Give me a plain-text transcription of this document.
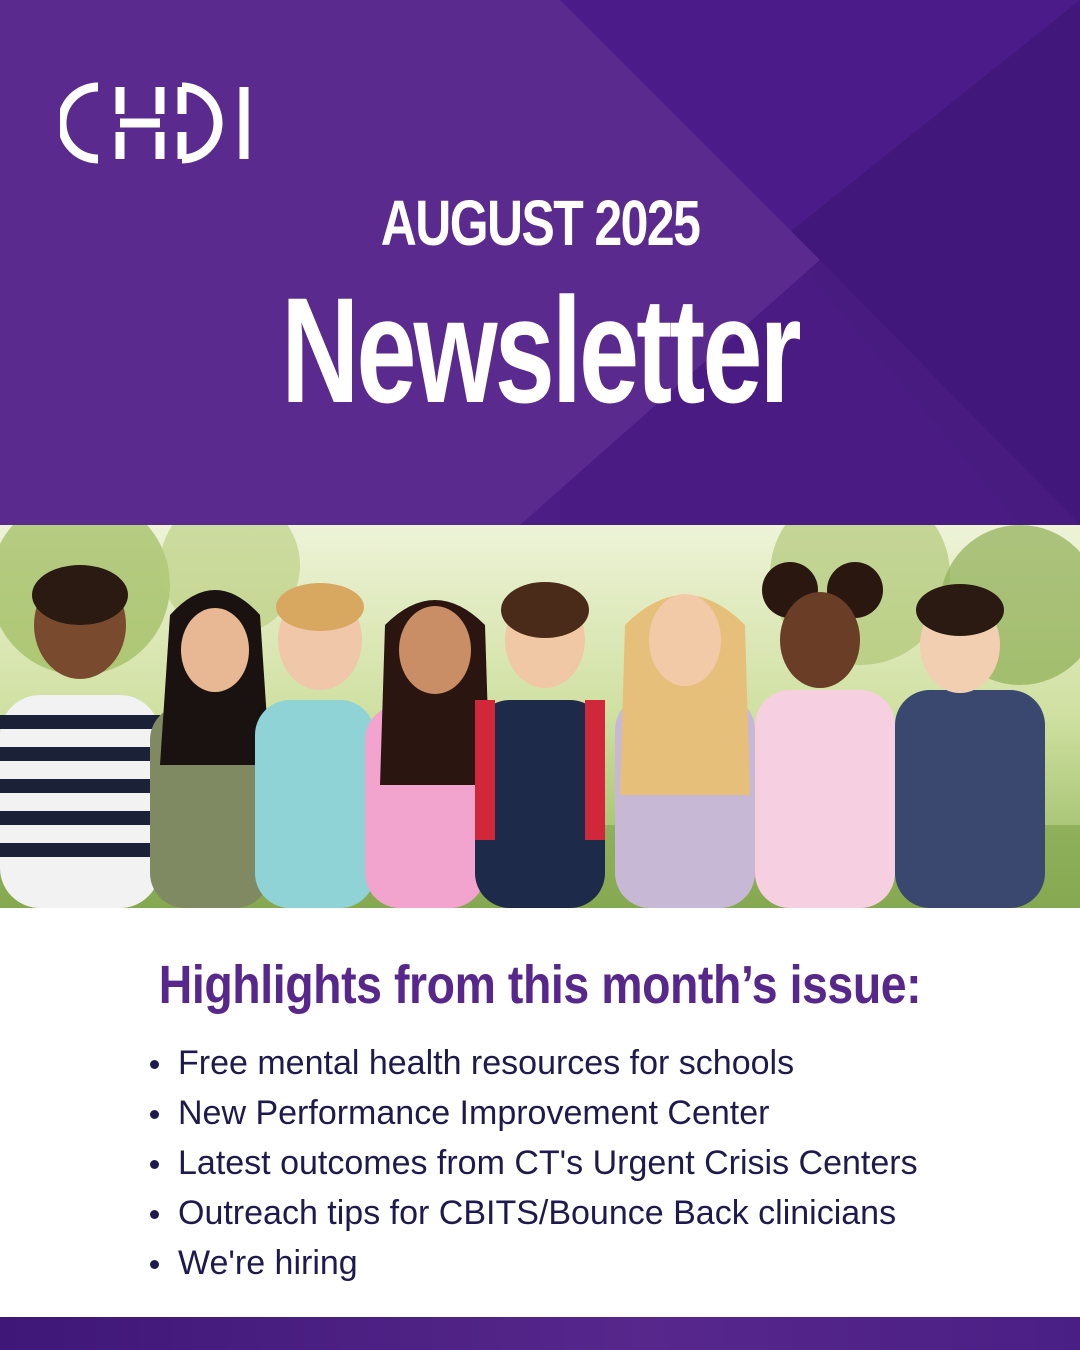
AUGUST 2025
Newsletter
Highlights from this month’s issue:
Free mental health resources for schools
New Performance Improvement Center
Latest outcomes from CT's Urgent Crisis Centers
Outreach tips for CBITS/Bounce Back clinicians
We're hiring
